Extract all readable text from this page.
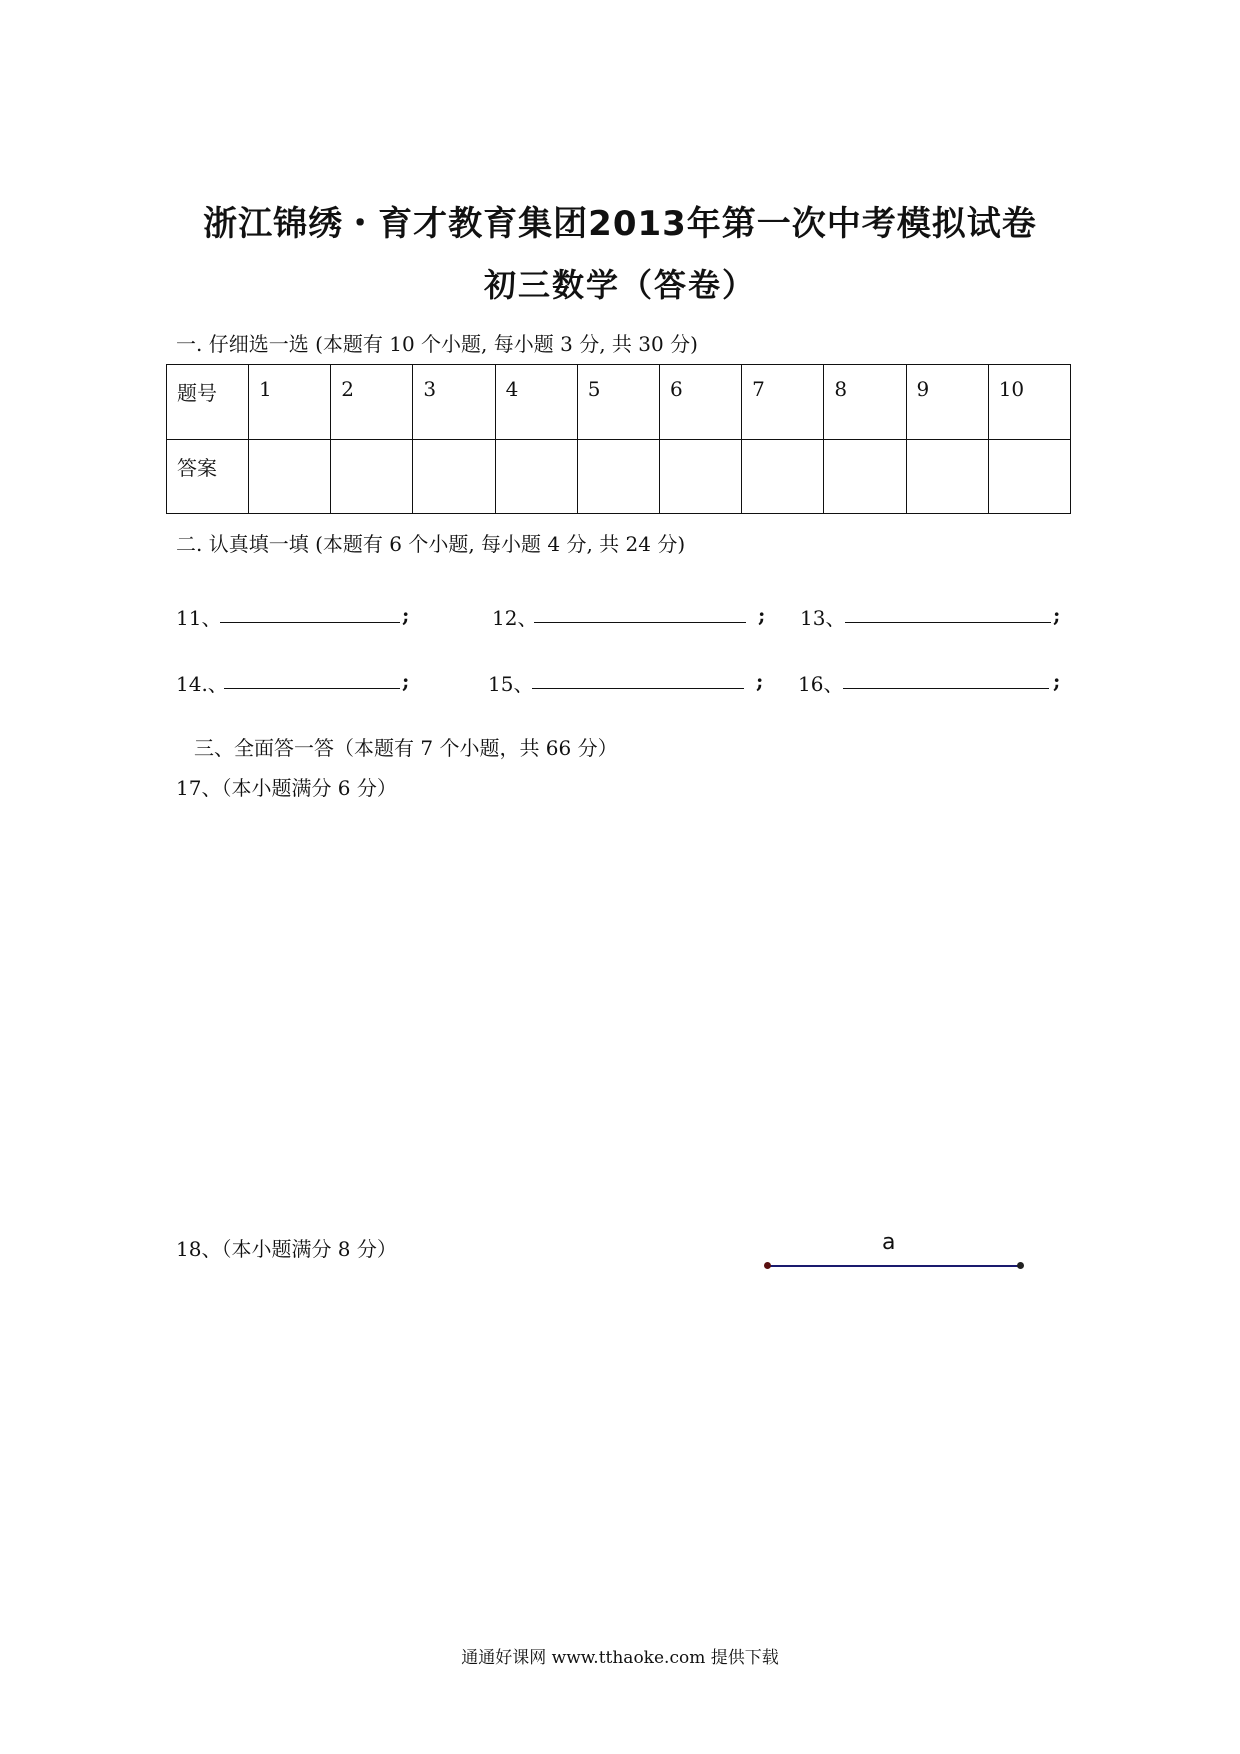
浙江锦绣・育才教育集团2013年第一次中考模拟试卷
初三数学（答卷）
一. 仔细选一选 (本题有 10 个小题, 每小题 3 分, 共 30 分)
题号	1	2	3	4	5	6	7	8	9	10
答案										
二. 认真填一填 (本题有 6 个小题, 每小题 4 分, 共 24 分)
11、	;	12、	; 13、	;
14.、	;	15、	; 16、	;
三、全面答一答（本题有 7 个小题，共 66 分）
17、（本小题满分 6 分）
18、（本小题满分 8 分）	a
通通好课网 www.tthaoke.com 提供下载
